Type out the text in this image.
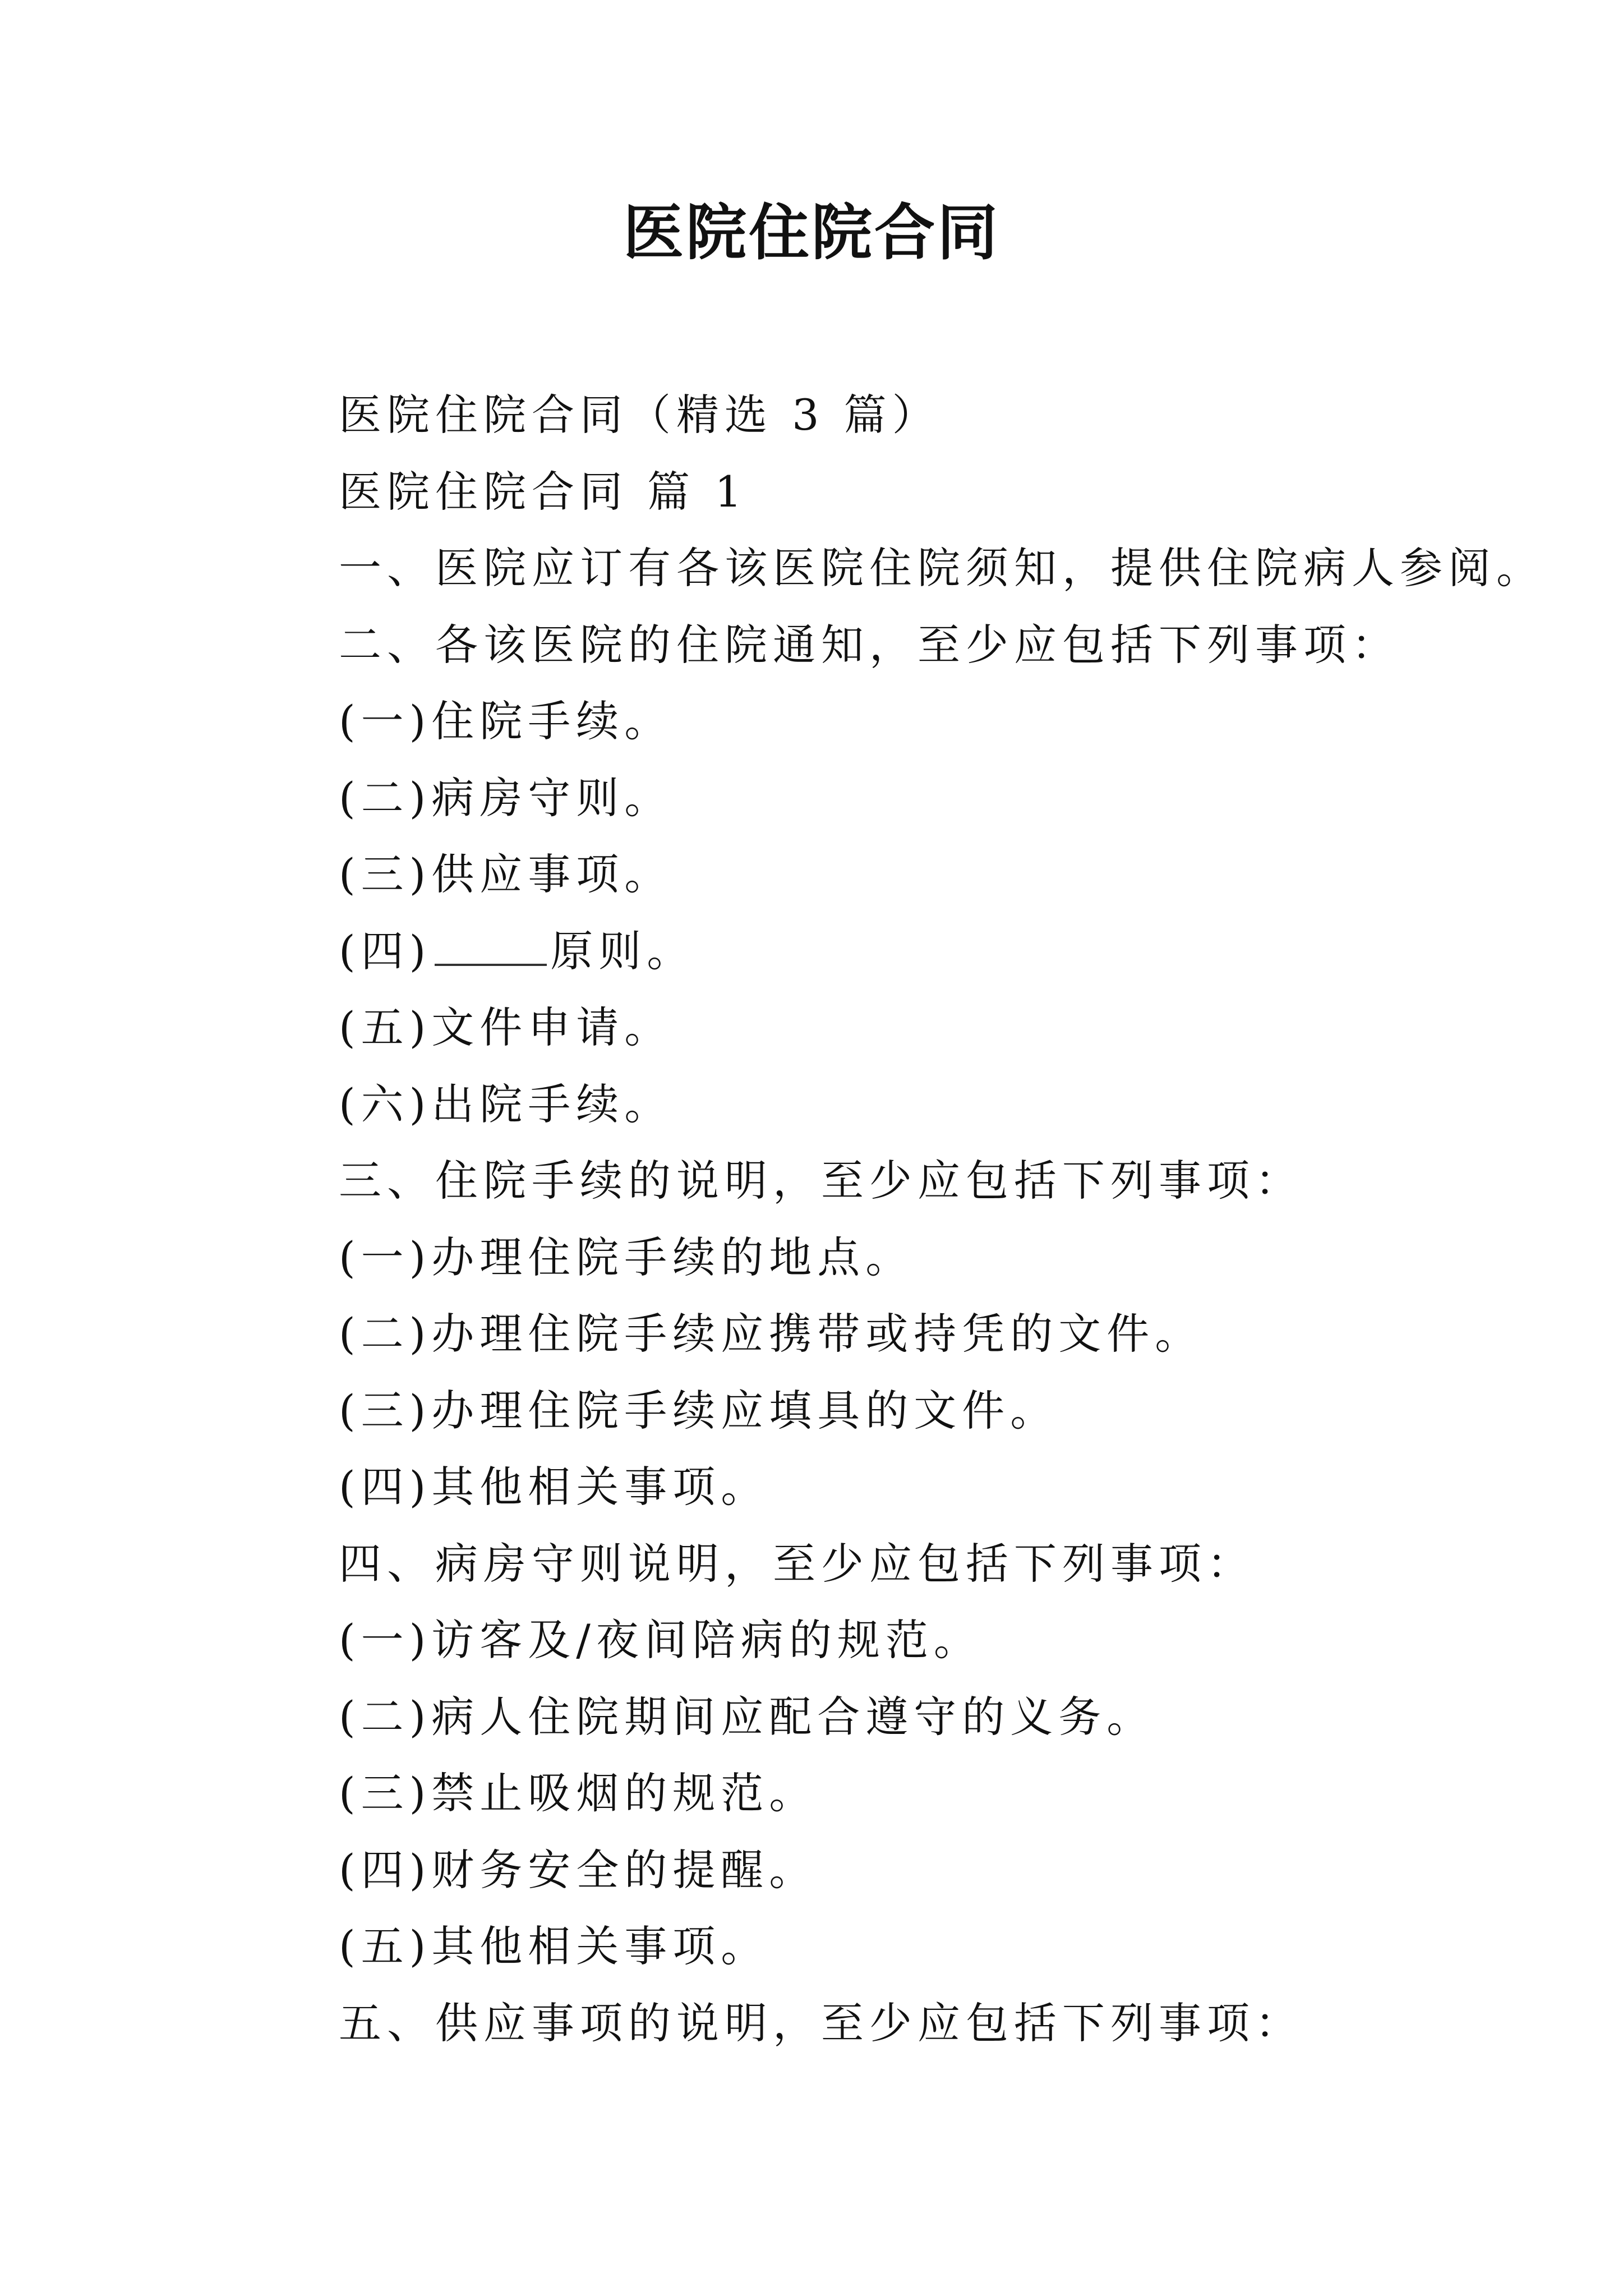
医院住院合同
医院住院合同（精选 3 篇）
医院住院合同 篇 1
一、医院应订有各该医院住院须知，提供住院病人参阅。
二、各该医院的住院通知，至少应包括下列事项：
(一)住院手续。
(二)病房守则。
(三)供应事项。
(四)	原则。
(五)文件申请。
(六)出院手续。
三、住院手续的说明，至少应包括下列事项：
(一)办理住院手续的地点。
(二)办理住院手续应携带或持凭的文件。
(三)办理住院手续应填具的文件。
(四)其他相关事项。
四、病房守则说明，至少应包括下列事项：
(一)访客及/夜间陪病的规范。
(二)病人住院期间应配合遵守的义务。
(三)禁止吸烟的规范。
(四)财务安全的提醒。
(五)其他相关事项。
五、供应事项的说明，至少应包括下列事项：
